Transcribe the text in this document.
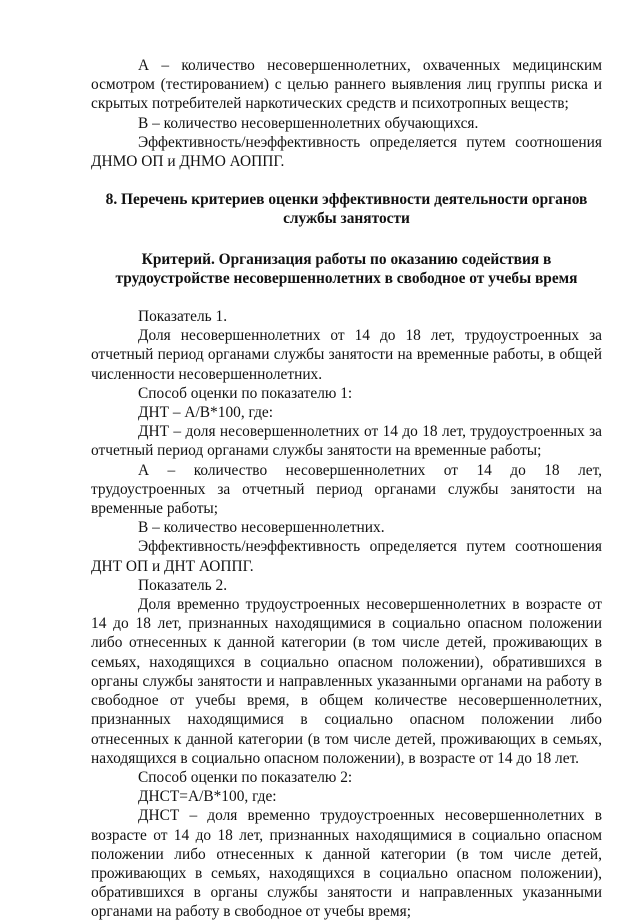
А – количество несовершеннолетних, охваченных медицинским осмотром (тестированием) с целью раннего выявления лиц группы риска и скрытых потребителей наркотических средств и психотропных веществ;

В – количество несовершеннолетних обучающихся.

Эффективность/неэффективность определяется путем соотношения ДНМО ОП и ДНМО АОППГ.

8. Перечень критериев оценки эффективности деятельности органов службы занятости

Критерий. Организация работы по оказанию содействия в трудоустройстве несовершеннолетних в свободное от учебы время

Показатель 1.

Доля несовершеннолетних от 14 до 18 лет, трудоустроенных за отчетный период органами службы занятости на временные работы, в общей численности несовершеннолетних.

Способ оценки по показателю 1:

ДНТ – А/В*100, где:

ДНТ – доля несовершеннолетних от 14 до 18 лет, трудоустроенных за отчетный период органами службы занятости на временные работы;

А – количество несовершеннолетних от 14 до 18 лет, трудоустроенных за отчетный период органами службы занятости на временные работы;

В – количество несовершеннолетних.

Эффективность/неэффективность определяется путем соотношения ДНТ ОП и ДНТ АОППГ.

Показатель 2.

Доля временно трудоустроенных несовершеннолетних в возрасте от 14 до 18 лет, признанных находящимися в социально опасном положении либо отнесенных к данной категории (в том числе детей, проживающих в семьях, находящихся в социально опасном положении), обратившихся в органы службы занятости и направленных указанными органами на работу в свободное от учебы время, в общем количестве несовершеннолетних, признанных находящимися в социально опасном положении либо отнесенных к данной категории (в том числе детей, проживающих в семьях, находящихся в социально опасном положении), в возрасте от 14 до 18 лет.

Способ оценки по показателю 2:

ДНСТ=А/В*100, где:

ДНСТ – доля временно трудоустроенных несовершеннолетних в возрасте от 14 до 18 лет, признанных находящимися в социально опасном положении либо отнесенных к данной категории (в том числе детей, проживающих в семьях, находящихся в социально опасном положении), обратившихся в органы службы занятости и направленных указанными органами на работу в свободное от учебы время;
